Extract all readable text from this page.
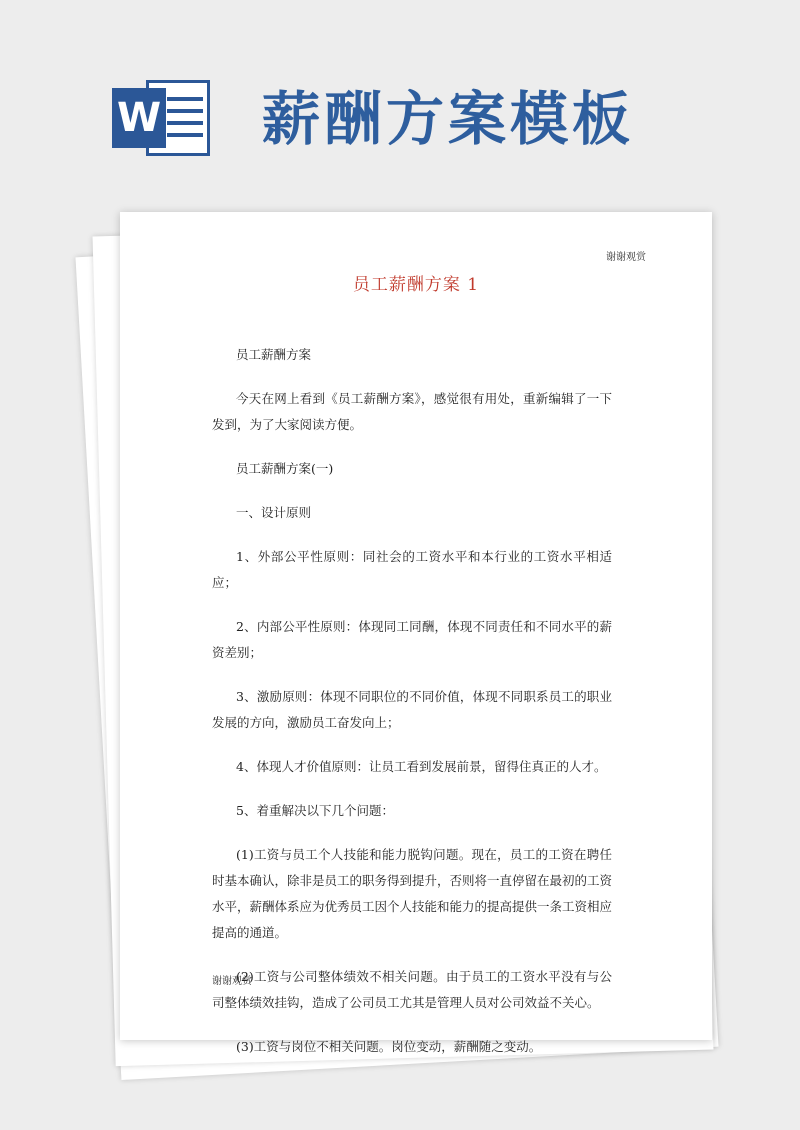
W 薪酬方案模板
谢谢观赏
员工薪酬方案 1

员工薪酬方案

今天在网上看到《员工薪酬方案》，感觉很有用处，重新编辑了一下发到，为了大家阅读方便。

员工薪酬方案(一)

一、设计原则

1、外部公平性原则：同社会的工资水平和本行业的工资水平相适应；

2、内部公平性原则：体现同工同酬，体现不同责任和不同水平的薪资差别；

3、激励原则：体现不同职位的不同价值，体现不同职系员工的职业发展的方向，激励员工奋发向上；

4、体现人才价值原则：让员工看到发展前景，留得住真正的人才。

5、着重解决以下几个问题：

(1)工资与员工个人技能和能力脱钩问题。现在，员工的工资在聘任时基本确认，除非是员工的职务得到提升，否则将一直停留在最初的工资水平，薪酬体系应为优秀员工因个人技能和能力的提高提供一条工资相应提高的通道。

(2)工资与公司整体绩效不相关问题。由于员工的工资水平没有与公司整体绩效挂钩，造成了公司员工尤其是管理人员对公司效益不关心。

(3)工资与岗位不相关问题。岗位变动，薪酬随之变动。

谢谢观赏
